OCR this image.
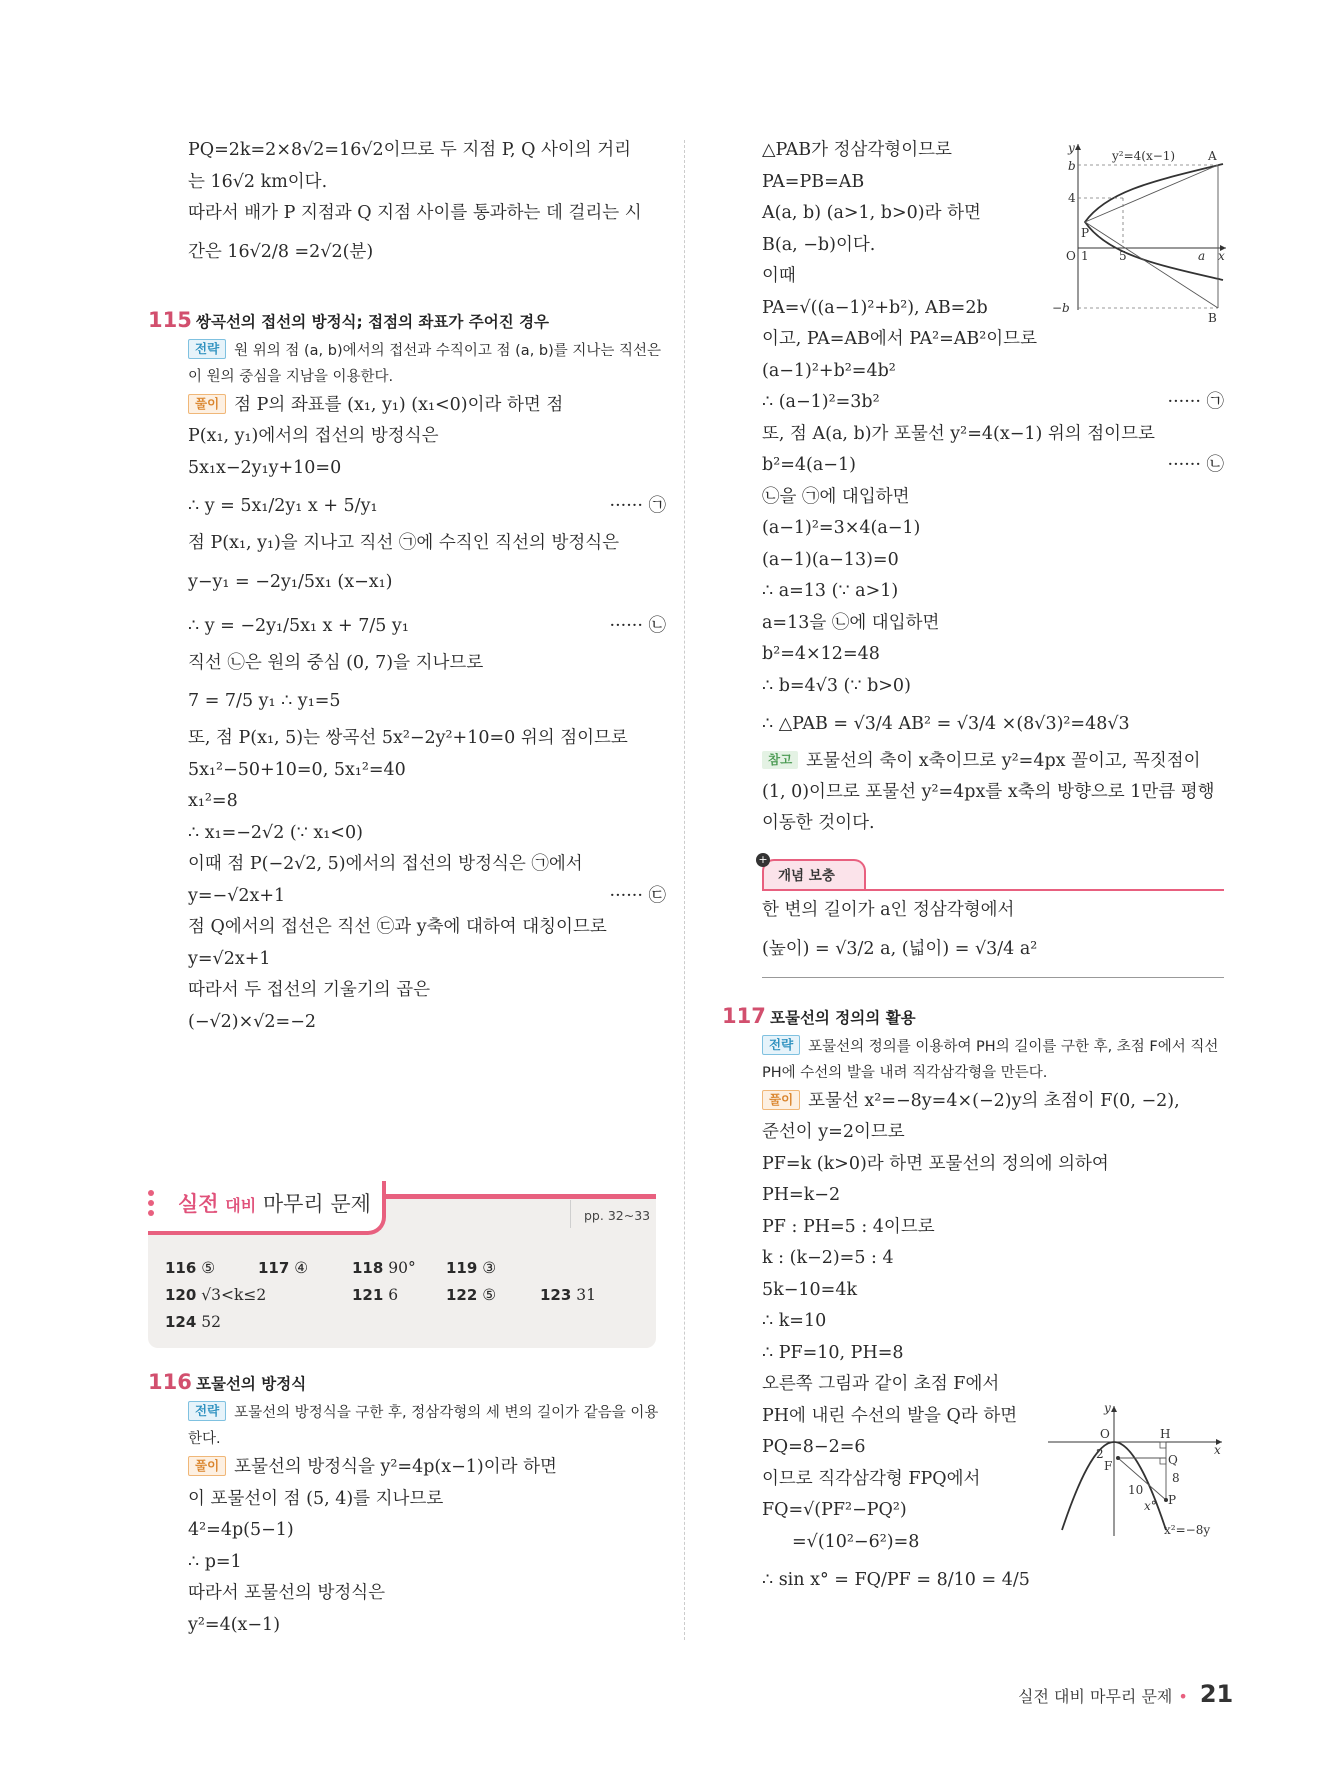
PQ=2k=2×8√2=16√2이므로 두 지점 P, Q 사이의 거리

는 16√2 km이다.

따라서 배가 P 지점과 Q 지점 사이를 통과하는 데 걸리는 시

간은 16√2/8 =2√2(분)

115 쌍곡선의 접선의 방정식; 접점의 좌표가 주어진 경우

전략 원 위의 점 (a, b)에서의 접선과 수직이고 점 (a, b)를 지나는 직선은 이 원의 중심을 지남을 이용한다.

풀이 점 P의 좌표를 (x₁, y₁) (x₁<0)이라 하면 점

P(x₁, y₁)에서의 접선의 방정식은

5x₁x−2y₁y+10=0

∴ y = 5x₁/2y₁ x + 5/y₁	······ ㉠

점 P(x₁, y₁)을 지나고 직선 ㉠에 수직인 직선의 방정식은

y−y₁ = −2y₁/5x₁ (x−x₁)

∴ y = −2y₁/5x₁ x + 7/5 y₁	······ ㉡

직선 ㉡은 원의 중심 (0, 7)을 지나므로

7 = 7/5 y₁ ∴ y₁=5

또, 점 P(x₁, 5)는 쌍곡선 5x²−2y²+10=0 위의 점이므로

5x₁²−50+10=0, 5x₁²=40

x₁²=8

∴ x₁=−2√2 (∵ x₁<0)

이때 점 P(−2√2, 5)에서의 접선의 방정식은 ㉠에서

y=−√2x+1	······ ㉢

점 Q에서의 접선은 직선 ㉢과 y축에 대하여 대칭이므로

y=√2x+1

따라서 두 접선의 기울기의 곱은

(−√2)×√2=−2

실전 대비 마무리 문제	pp. 32~33
116 ⑤	117 ④	118 90° 119 ③
120 √3<k≤2	121 6	122 ⑤	123 31
124 52
116 포물선의 방정식

전략 포물선의 방정식을 구한 후, 정삼각형의 세 변의 길이가 같음을 이용한다.

풀이 포물선의 방정식을 y²=4p(x−1)이라 하면

이 포물선이 점 (5, 4)를 지나므로

4²=4p(5−1)

∴ p=1

따라서 포물선의 방정식은

y²=4(x−1)

△PAB가 정삼각형이므로

PA=PB=AB

A(a, b) (a>1, b>0)라 하면

B(a, −b)이다.

이때

PA=√((a−1)²+b²), AB=2b

이고, PA=AB에서 PA²=AB²이므로

(a−1)²+b²=4b²

∴ (a−1)²=3b²	······ ㉠

또, 점 A(a, b)가 포물선 y²=4(x−1) 위의 점이므로

b²=4(a−1)	······ ㉡

㉡을 ㉠에 대입하면

(a−1)²=3×4(a−1)

(a−1)(a−13)=0

∴ a=13 (∵ a>1)

a=13을 ㉡에 대입하면

b²=4×12=48

∴ b=4√3 (∵ b>0)

∴ △PAB = √3/4 AB² = √3/4 ×(8√3)²=48√3

참고 포물선의 축이 x축이므로 y²=4px 꼴이고, 꼭짓점이 (1, 0)이므로 포물선 y²=4px를 x축의 방향으로 1만큼 평행이동한 것이다.

개념 보충
+

한 변의 길이가 a인 정삼각형에서

(높이) = √3/2 a, (넓이) = √3/4 a²

117 포물선의 정의의 활용

전략 포물선의 정의를 이용하여 PH의 길이를 구한 후, 초점 F에서 직선 PH에 수선의 발을 내려 직각삼각형을 만든다.

풀이 포물선 x²=−8y=4×(−2)y의 초점이 F(0, −2),

준선이 y=2이므로

PF=k (k>0)라 하면 포물선의 정의에 의하여

PH=k−2

PF : PH=5 : 4이므로

k : (k−2)=5 : 4

5k−10=4k

∴ k=10

∴ PF=10, PH=8

오른쪽 그림과 같이 초점 F에서

PH에 내린 수선의 발을 Q라 하면

PQ=8−2=6

이므로 직각삼각형 FPQ에서

FQ=√(PF²−PQ²)

=√(10²−6²)=8

∴ sin x° = FQ/PF = 8/10 = 4/5

y
y²=4(x−1)	A
b
4
P
O 1	5	a x
−b
B
y
O	H
x
2
F	Q
8
10
P
x°
x²=−8y
실전 대비 마무리 문제 • 21
